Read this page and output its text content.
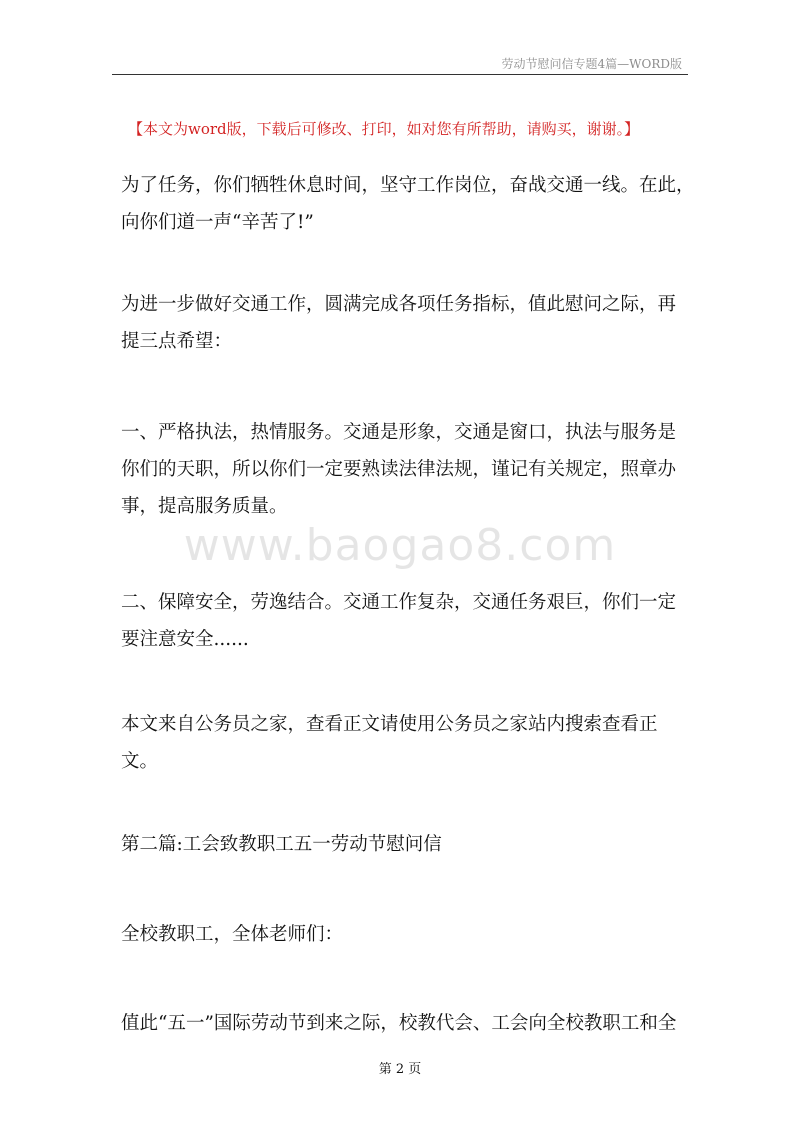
劳动节慰问信专题4篇—WORD版
【本文为word版，下载后可修改、打印，如对您有所帮助，请购买，谢谢。】
为了任务，你们牺牲休息时间，坚守工作岗位，奋战交通一线。在此，
向你们道一声“辛苦了!”
为进一步做好交通工作，圆满完成各项任务指标，值此慰问之际，再
提三点希望：
一、严格执法，热情服务。交通是形象，交通是窗口，执法与服务是
你们的天职，所以你们一定要熟读法律法规，谨记有关规定，照章办
事，提高服务质量。
二、保障安全，劳逸结合。交通工作复杂，交通任务艰巨，你们一定
要注意安全......
本文来自公务员之家，查看正文请使用公务员之家站内搜索查看正
文。
第二篇:工会致教职工五一劳动节慰问信
全校教职工，全体老师们：
值此“五一”国际劳动节到来之际，校教代会、工会向全校教职工和全
www.baogao8.com
第 2 页
